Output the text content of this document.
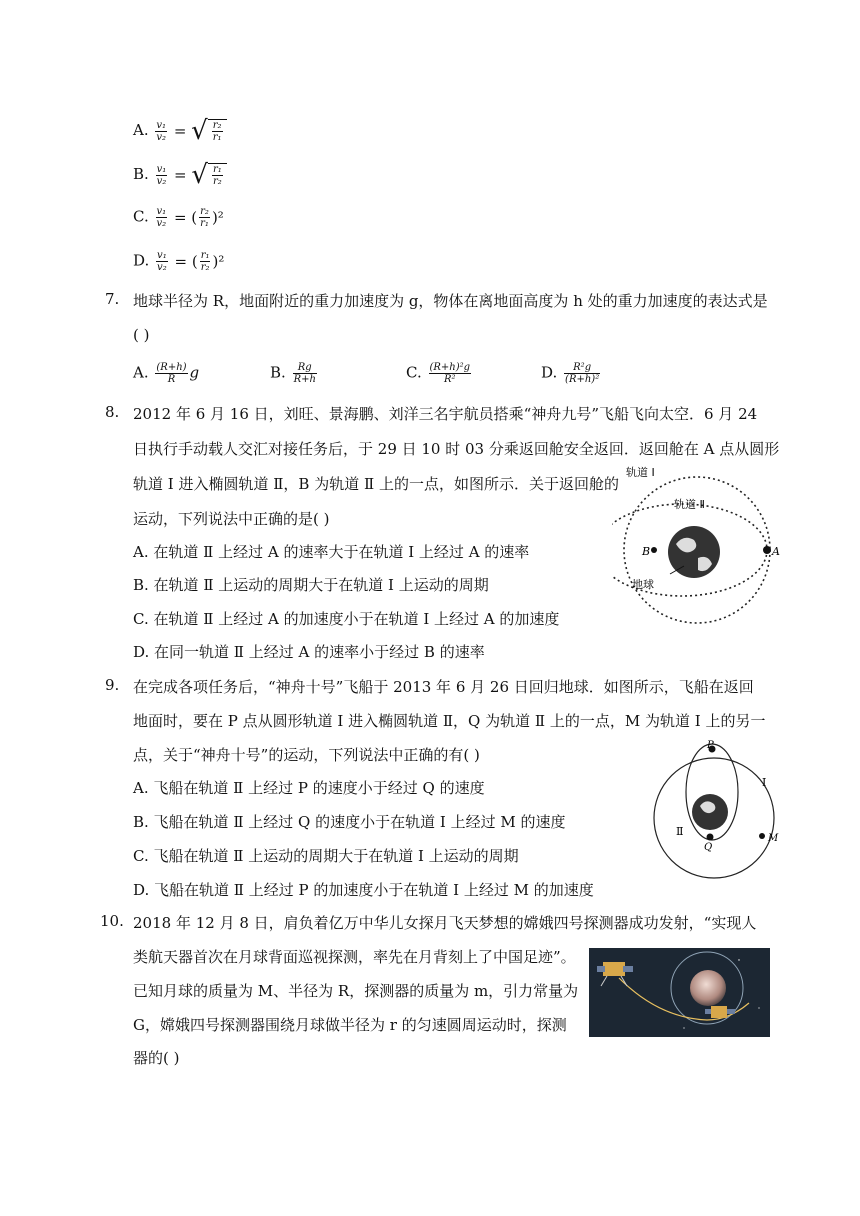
A. $\frac{\text{v₁}}{\text{v₂}}$ = √ $\frac{\text{r₂}}{\text{r₁}}$
B. $\frac{\text{v₁}}{\text{v₂}}$ = √ $\frac{\text{r₁}}{\text{r₂}}$
C. $\frac{\text{v₁}}{\text{v₂}}$ = ( $\frac{\text{r₂}}{\text{r₁}} )^2$
D. $\frac{\text{v₁}}{\text{v₂}}$ = ( $\frac{\text{r₁}}{\text{r₂}} )^2$
7. 地球半径为 R，地面附近的重力加速度为 g，物体在离地面高度为 h 处的重力加速度的表达式是
( )
A. $\frac{(R+h)}{R}$ g	B. $\frac{Rg}{R+h}$	C. $\frac{\text{(R+h)²g}}{\text{R²}}$	D. $\frac{\text{R²g}}{\text{(R+h)²}}$
8. 2012 年 6 月 16 日，刘旺、景海鹏、刘洋三名宇航员搭乘“神舟九号”飞船飞向太空．6 月 24
日执行手动载人交汇对接任务后，于 29 日 10 时 03 分乘返回舱安全返回．返回舱在 A 点从圆形
轨道 I 进入椭圆轨道 Ⅱ，B 为轨道 Ⅱ 上的一点，如图所示．关于返回舱的
运动，下列说法中正确的是( )
A. 在轨道 Ⅱ 上经过 A 的速率大于在轨道 I 上经过 A 的速率
B. 在轨道 Ⅱ 上运动的周期大于在轨道 I 上运动的周期
C. 在轨道 Ⅱ 上经过 A 的加速度小于在轨道 I 上经过 A 的加速度
D. 在同一轨道 Ⅱ 上经过 A 的速率小于经过 B 的速率
轨道 I
轨道 Ⅱ
地球
A
B
9. 在完成各项任务后，“神舟十号”飞船于 2013 年 6 月 26 日回归地球．如图所示，飞船在返回
地面时，要在 P 点从圆形轨道 I 进入椭圆轨道 Ⅱ，Q 为轨道 Ⅱ 上的一点，M 为轨道 I 上的另一
点，关于“神舟十号”的运动，下列说法中正确的有( )
A. 飞船在轨道 Ⅱ 上经过 P 的速度小于经过 Q 的速度
B. 飞船在轨道 Ⅱ 上经过 Q 的速度小于在轨道 I 上经过 M 的速度
C. 飞船在轨道 Ⅱ 上运动的周期大于在轨道 I 上运动的周期
D. 飞船在轨道 Ⅱ 上经过 P 的加速度小于在轨道 I 上经过 M 的加速度
P
Q
M
I
Ⅱ
10. 2018 年 12 月 8 日，肩负着亿万中华儿女探月飞天梦想的嫦娥四号探测器成功发射，“实现人
类航天器首次在月球背面巡视探测，率先在月背刻上了中国足迹”。
已知月球的质量为 M、半径为 R，探测器的质量为 m，引力常量为
G，嫦娥四号探测器围绕月球做半径为 r 的匀速圆周运动时，探测
器的( )
